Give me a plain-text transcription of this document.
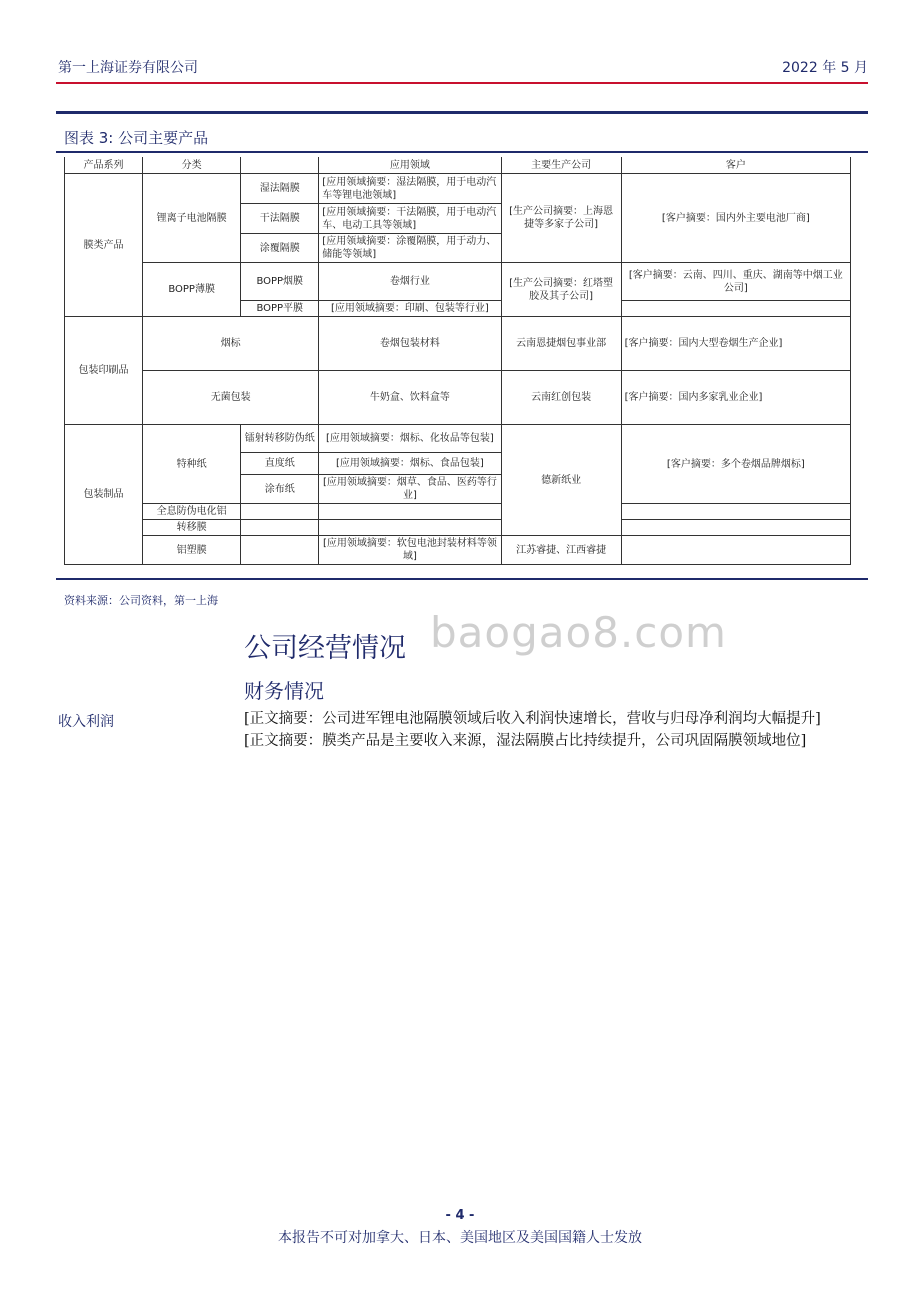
第一上海证券有限公司	2022 年 5 月
图表 3: 公司主要产品
产品系列	分类		应用领域	主要生产公司	客户
膜类产品	锂离子电池隔膜	湿法隔膜	[应用领域摘要：湿法隔膜，用于电动汽车等锂电池领域]	[生产公司摘要：上海恩捷等多家子公司]	[客户摘要：国内外主要电池厂商]
		干法隔膜	[应用领域摘要：干法隔膜，用于电动汽车、电动工具等领域]		
		涂覆隔膜	[应用领域摘要：涂覆隔膜，用于动力、储能等领域]		
	BOPP薄膜	BOPP烟膜	卷烟行业	[生产公司摘要：红塔塑胶及其子公司]	[客户摘要：云南、四川、重庆、湖南等中烟工业公司]
		BOPP平膜	[应用领域摘要：印刷、包装等行业]		
包装印刷品	烟标		卷烟包装材料	云南恩捷烟包事业部	[客户摘要：国内大型卷烟生产企业]
	无菌包装		牛奶盒、饮料盒等	云南红创包装	[客户摘要：国内多家乳业企业]
包装制品	特种纸	镭射转移防伪纸	[应用领域摘要：烟标、化妆品等包装]	德新纸业	[客户摘要：多个卷烟品牌烟标]
		直度纸	[应用领域摘要：烟标、食品包装]		
		涂布纸	[应用领域摘要：烟草、食品、医药等行业]		
	全息防伪电化铝				
	转移膜				
	铝塑膜		[应用领域摘要：软包电池封装材料等领域]	江苏睿捷、江西睿捷	
资料来源：公司资料，第一上海
baogao8.com
公司经营情况
财务情况
收入利润	[正文摘要：公司进军锂电池隔膜领域后收入利润快速增长，营收与归母净利润均大幅提升]

[正文摘要：膜类产品是主要收入来源，湿法隔膜占比持续提升，公司巩固隔膜领域地位]

- 4 -
本报告不可对加拿大、日本、美国地区及美国国籍人士发放
